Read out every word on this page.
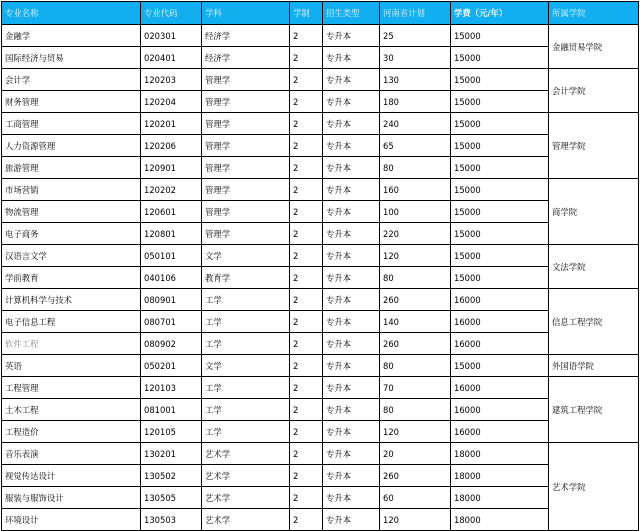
专业名称	专业代码	学科	学制	招生类型	河南省计划	学费（元/年）	所属学院
金融学	020301	经济学	2	专升本	25	15000	金融贸易学院
国际经济与贸易	020401	经济学	2	专升本	30	15000	
会计学	120203	管理学	2	专升本	130	15000	会计学院
财务管理	120204	管理学	2	专升本	180	15000	
工商管理	120201	管理学	2	专升本	240	15000	管理学院
人力资源管理	120206	管理学	2	专升本	65	15000	
旅游管理	120901	管理学	2	专升本	80	15000	
市场营销	120202	管理学	2	专升本	160	15000	商学院
物流管理	120601	管理学	2	专升本	100	15000	
电子商务	120801	管理学	2	专升本	220	15000	
汉语言文学	050101	文学	2	专升本	120	15000	文法学院
学前教育	040106	教育学	2	专升本	80	15000	
计算机科学与技术	080901	工学	2	专升本	260	16000	信息工程学院
电子信息工程	080701	工学	2	专升本	140	16000	
软件工程	080902	工学	2	专升本	260	16000	
英语	050201	文学	2	专升本	80	15000	外国语学院
工程管理	120103	工学	2	专升本	70	16000	建筑工程学院
土木工程	081001	工学	2	专升本	80	16000	
工程造价	120105	工学	2	专升本	120	16000	
音乐表演	130201	艺术学	2	专升本	20	18000	艺术学院
视觉传达设计	130502	艺术学	2	专升本	260	18000	
服装与服饰设计	130505	艺术学	2	专升本	60	18000	
环境设计	130503	艺术学	2	专升本	120	18000	
